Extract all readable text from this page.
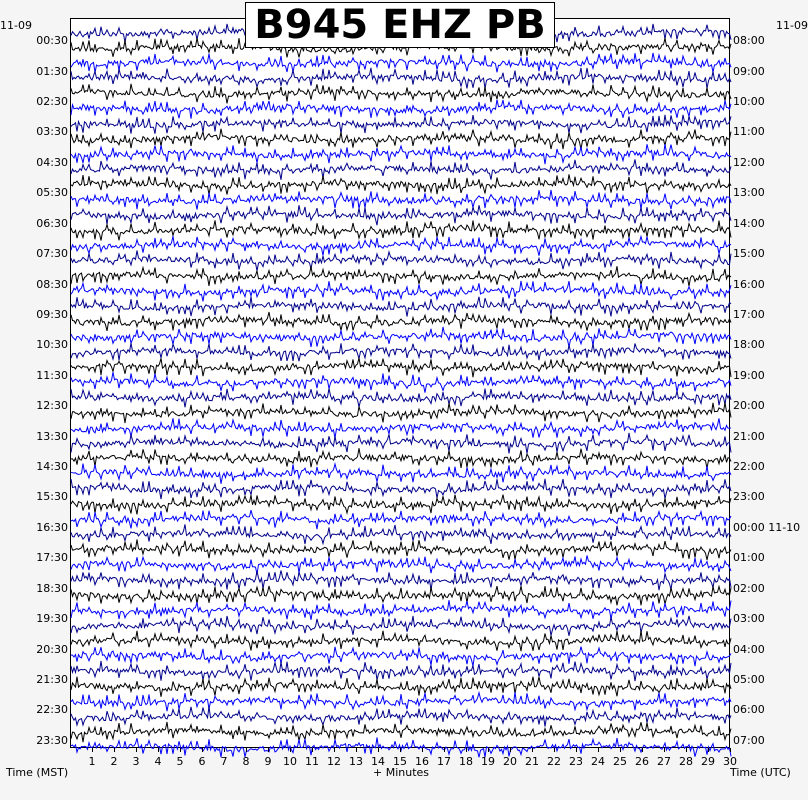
B945 EHZ PB
11-09	11-09
00:30
01:30
02:30
03:30
04:30
05:30
06:30
07:30
08:30
09:30
10:30
11:30
12:30
13:30
14:30
15:30
16:30
17:30
18:30
19:30
20:30
21:30
22:30
23:30
08:00
09:00
10:00
11:00
12:00
13:00
14:00
15:00
16:00
17:00
18:00
19:00
20:00
21:00
22:00
23:00
00:00 11-10
01:00
02:00
03:00
04:00
05:00
06:00
07:00
1	2	3	4	5	6	7	8	9	10 11 12 13 14 15 16 17 18 19 20 21 22 23 24 25 26 27 28 29 30
Time (MST)	+ Minutes	Time (UTC)
